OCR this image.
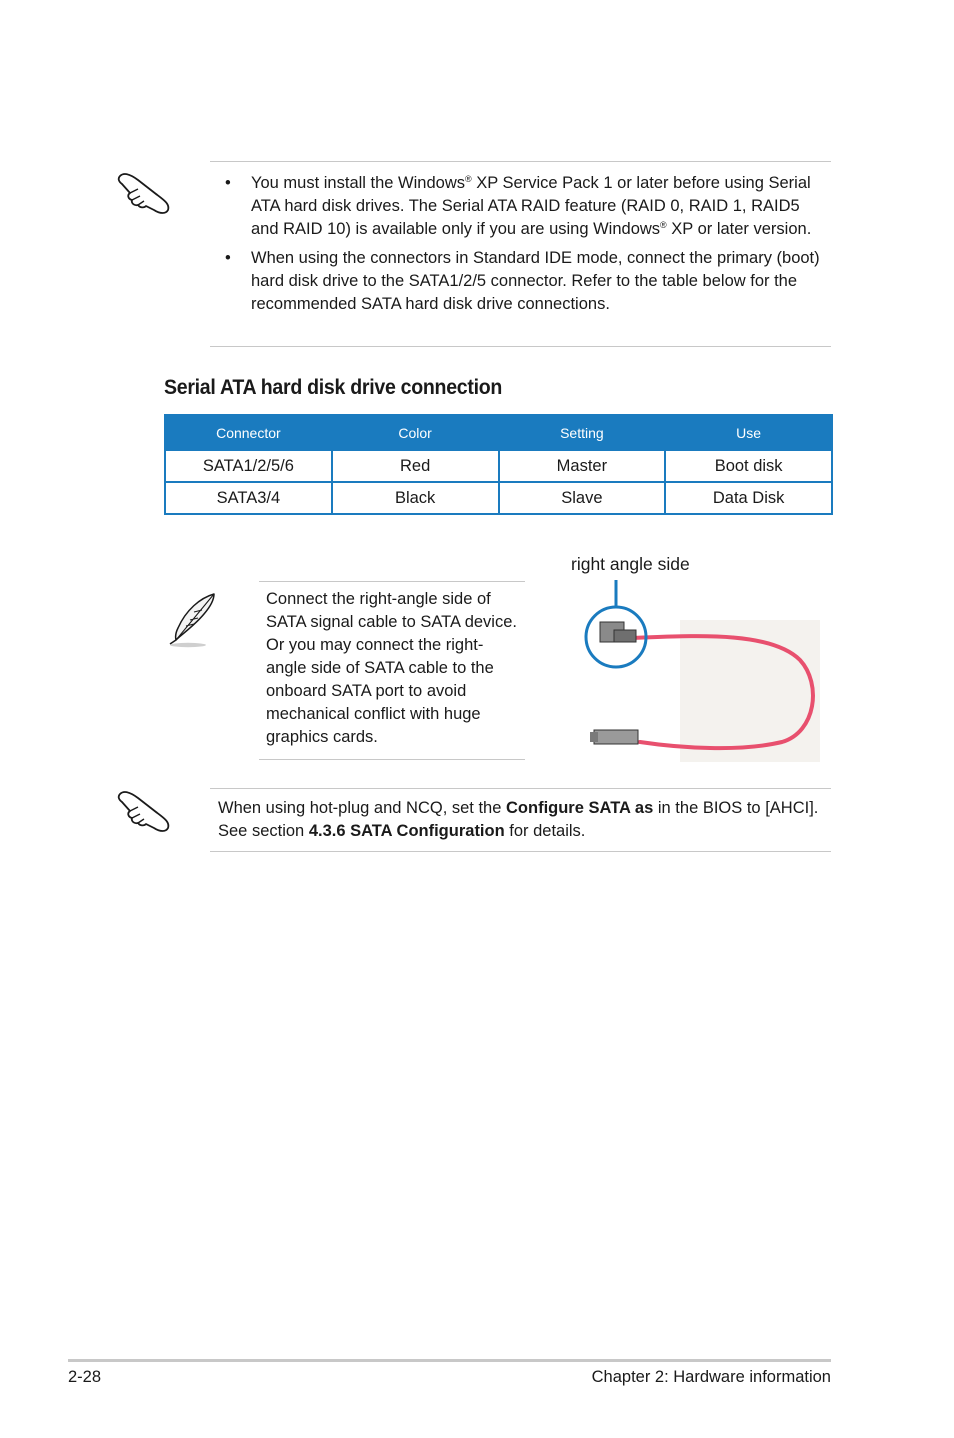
• You must install the Windows® XP Service Pack 1 or later before using Serial ATA hard disk drives. The Serial ATA RAID feature (RAID 0, RAID 1, RAID5 and RAID 10) is available only if you are using Windows® XP or later version.
• When using the connectors in Standard IDE mode, connect the primary (boot) hard disk drive to the SATA1/2/5 connector. Refer to the table below for the recommended SATA hard disk drive connections.
Serial ATA hard disk drive connection
Connector	Color	Setting	Use
SATA1/2/5/6	Red	Master	Boot disk
SATA3/4	Black	Slave	Data Disk
Connect the right-angle side of SATA signal cable to SATA device. Or you may connect the right-angle side of SATA cable to the onboard SATA port to avoid mechanical conflict with huge graphics cards.
right angle side
When using hot-plug and NCQ, set the Configure SATA as in the BIOS to [AHCI]. See section 4.3.6 SATA Configuration for details.
2-28	Chapter 2: Hardware information
